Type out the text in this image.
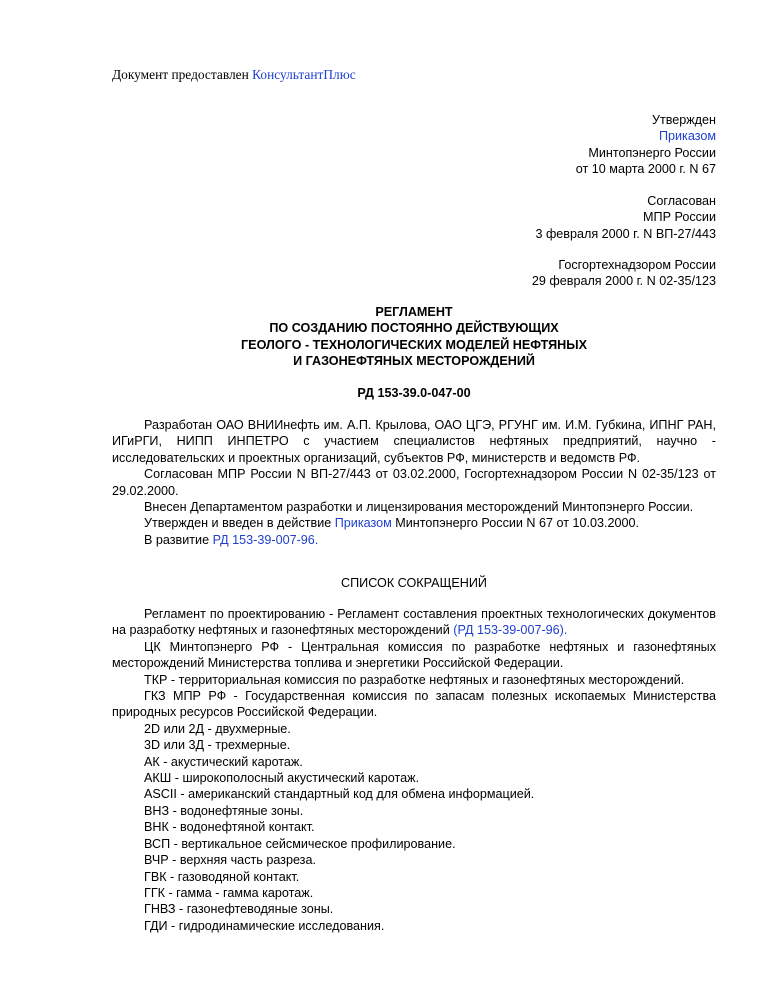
Документ предоставлен КонсультантПлюс
Утвержден
Приказом
Минтопэнерго России
от 10 марта 2000 г. N 67
Согласован
МПР России
3 февраля 2000 г. N ВП-27/443
Госгортехнадзором России
29 февраля 2000 г. N 02-35/123
РЕГЛАМЕНТ
ПО СОЗДАНИЮ ПОСТОЯННО ДЕЙСТВУЮЩИХ
ГЕОЛОГО - ТЕХНОЛОГИЧЕСКИХ МОДЕЛЕЙ НЕФТЯНЫХ
И ГАЗОНЕФТЯНЫХ МЕСТОРОЖДЕНИЙ
РД 153-39.0-047-00

Разработан ОАО ВНИИнефть им. А.П. Крылова, ОАО ЦГЭ, РГУНГ им. И.М. Губкина, ИПНГ РАН, ИГиРГИ, НИПП ИНПЕТРО с участием специалистов нефтяных предприятий, научно - исследовательских и проектных организаций, субъектов РФ, министерств и ведомств РФ.

Согласован МПР России N ВП-27/443 от 03.02.2000, Госгортехнадзором России N 02-35/123 от 29.02.2000.

Внесен Департаментом разработки и лицензирования месторождений Минтопэнерго России.

Утвержден и введен в действие Приказом Минтопэнерго России N 67 от 10.03.2000.

В развитие РД 153-39-007-96.

СПИСОК СОКРАЩЕНИЙ

Регламент по проектированию - Регламент составления проектных технологических документов на разработку нефтяных и газонефтяных месторождений (РД 153-39-007-96).

ЦК Минтопэнерго РФ - Центральная комиссия по разработке нефтяных и газонефтяных месторождений Министерства топлива и энергетики Российской Федерации.

ТКР - территориальная комиссия по разработке нефтяных и газонефтяных месторождений.

ГКЗ МПР РФ - Государственная комиссия по запасам полезных ископаемых Министерства природных ресурсов Российской Федерации.

2D или 2Д - двухмерные.

3D или 3Д - трехмерные.

АК - акустический каротаж.

АКШ - широкополосный акустический каротаж.

ASCII - американский стандартный код для обмена информацией.

ВНЗ - водонефтяные зоны.

ВНК - водонефтяной контакт.

ВСП - вертикальное сейсмическое профилирование.

ВЧР - верхняя часть разреза.

ГВК - газоводяной контакт.

ГГК - гамма - гамма каротаж.

ГНВЗ - газонефтеводяные зоны.

ГДИ - гидродинамические исследования.
